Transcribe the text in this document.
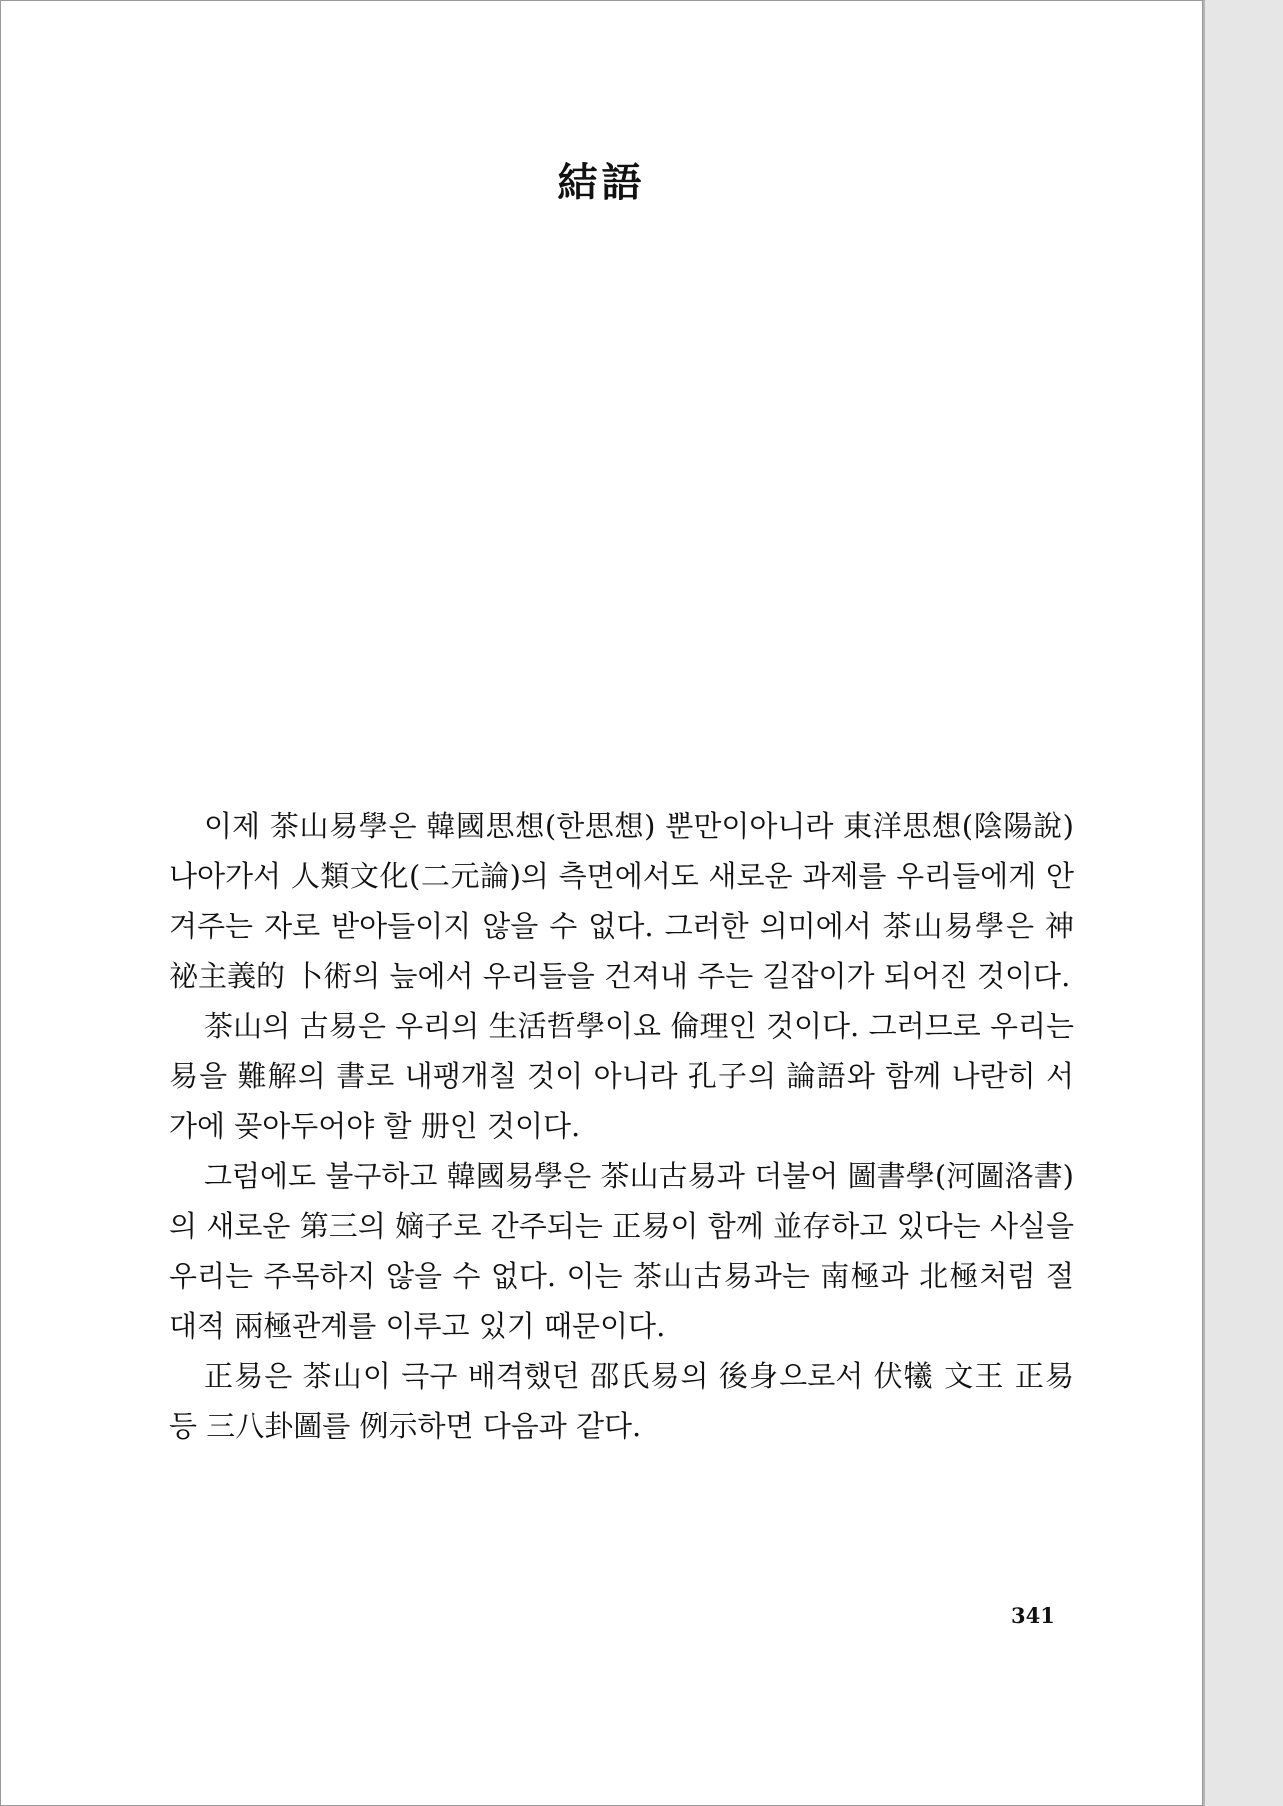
結語

이제 茶山易學은 韓國思想(한思想) 뿐만이아니라 東洋思想(陰陽說) 나아가서 人類文化(二元論)의 측면에서도 새로운 과제를 우리들에게 안겨주는 자로 받아들이지 않을 수 없다. 그러한 의미에서 茶山易學은 神祕主義的 卜術의 늪에서 우리들을 건져내 주는 길잡이가 되어진 것이다.

茶山의 古易은 우리의 生活哲學이요 倫理인 것이다. 그러므로 우리는 易을 難解의 書로 내팽개칠 것이 아니라 孔子의 論語와 함께 나란히 서가에 꽂아두어야 할 册인 것이다.

그럼에도 불구하고 韓國易學은 茶山古易과 더불어 圖書學(河圖洛書)의 새로운 第三의 嫡子로 간주되는 正易이 함께 並存하고 있다는 사실을 우리는 주목하지 않을 수 없다. 이는 茶山古易과는 南極과 北極처럼 절대적 兩極관계를 이루고 있기 때문이다.

正易은 茶山이 극구 배격했던 邵氏易의 後身으로서 伏犧 文王 正易 등 三八卦圖를 例示하면 다음과 같다.

341
